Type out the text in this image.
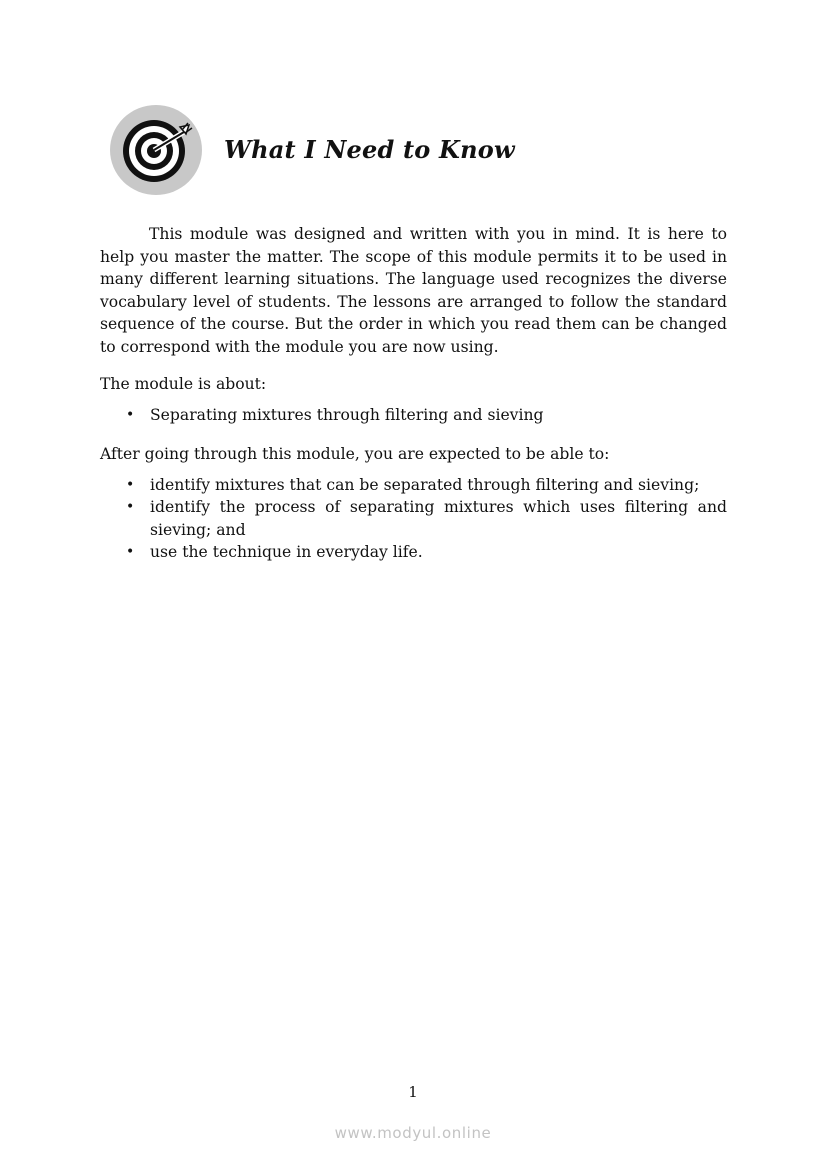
What I Need to Know

This module was designed and written with you in mind. It is here to help you master the matter. The scope of this module permits it to be used in many different learning situations. The language used recognizes the diverse vocabulary level of students. The lessons are arranged to follow the standard sequence of the course. But the order in which you read them can be changed to correspond with the module you are now using.

The module is about:

• Separating mixtures through filtering and sieving

After going through this module, you are expected to be able to:

• identify mixtures that can be separated through filtering and sieving;
• identify the process of separating mixtures which uses filtering and sieving; and
• use the technique in everyday life.
1
www.modyul.online
